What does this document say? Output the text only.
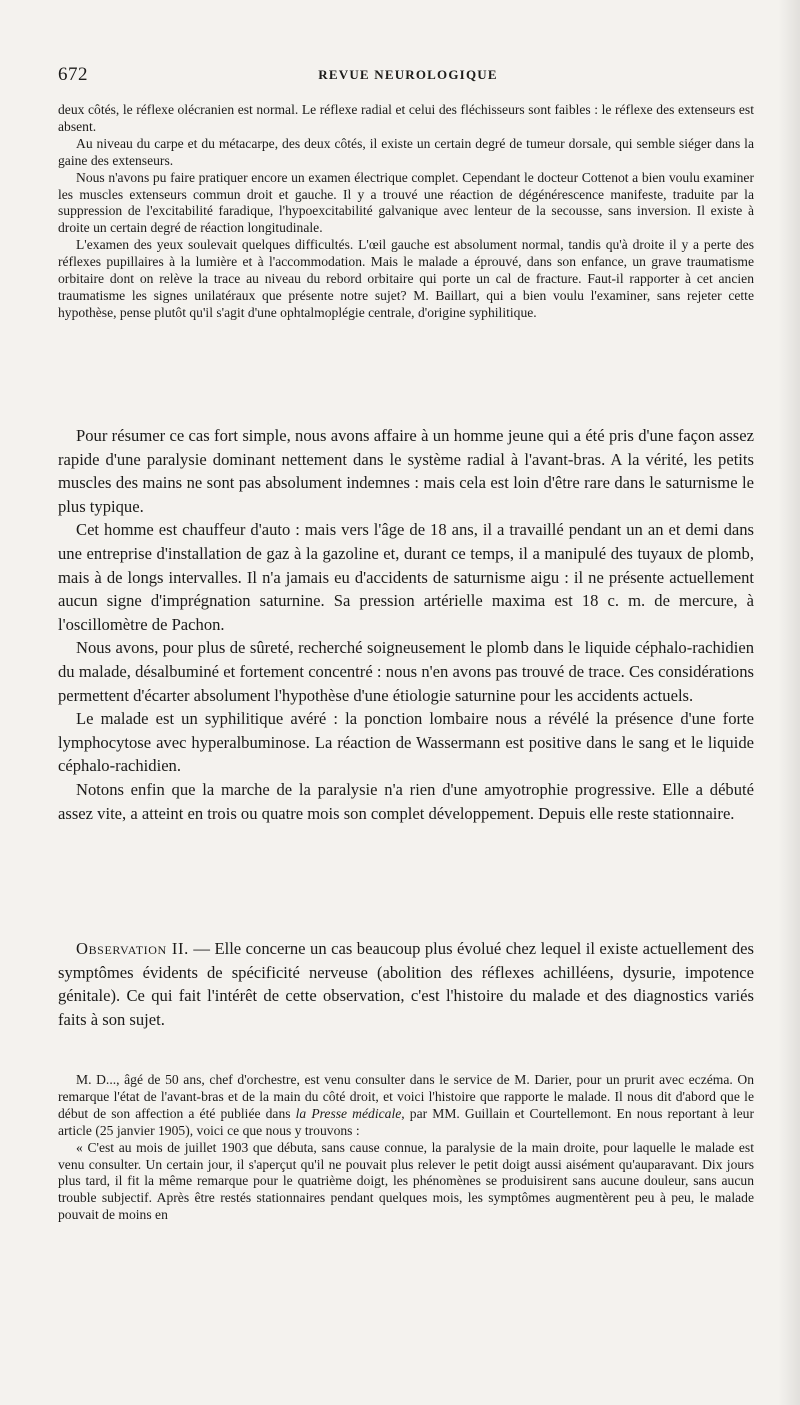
672	REVUE NEUROLOGIQUE

deux côtés, le réflexe olécranien est normal. Le réflexe radial et celui des fléchisseurs sont faibles : le réflexe des extenseurs est absent.

Au niveau du carpe et du métacarpe, des deux côtés, il existe un certain degré de tumeur dorsale, qui semble siéger dans la gaine des extenseurs.

Nous n'avons pu faire pratiquer encore un examen électrique complet. Cependant le docteur Cottenot a bien voulu examiner les muscles extenseurs commun droit et gauche. Il y a trouvé une réaction de dégénérescence manifeste, traduite par la suppression de l'excitabilité faradique, l'hypoexcitabilité galvanique avec lenteur de la secousse, sans inversion. Il existe à droite un certain degré de réaction longitudinale.

L'examen des yeux soulevait quelques difficultés. L'œil gauche est absolument normal, tandis qu'à droite il y a perte des réflexes pupillaires à la lumière et à l'accommodation. Mais le malade a éprouvé, dans son enfance, un grave traumatisme orbitaire dont on relève la trace au niveau du rebord orbitaire qui porte un cal de fracture. Faut-il rapporter à cet ancien traumatisme les signes unilatéraux que présente notre sujet? M. Baillart, qui a bien voulu l'examiner, sans rejeter cette hypothèse, pense plutôt qu'il s'agit d'une ophtalmoplégie centrale, d'origine syphilitique.

Pour résumer ce cas fort simple, nous avons affaire à un homme jeune qui a été pris d'une façon assez rapide d'une paralysie dominant nettement dans le système radial à l'avant-bras. A la vérité, les petits muscles des mains ne sont pas absolument indemnes : mais cela est loin d'être rare dans le saturnisme le plus typique.

Cet homme est chauffeur d'auto : mais vers l'âge de 18 ans, il a travaillé pendant un an et demi dans une entreprise d'installation de gaz à la gazoline et, durant ce temps, il a manipulé des tuyaux de plomb, mais à de longs intervalles. Il n'a jamais eu d'accidents de saturnisme aigu : il ne présente actuellement aucun signe d'imprégnation saturnine. Sa pression artérielle maxima est 18 c. m. de mercure, à l'oscillomètre de Pachon.

Nous avons, pour plus de sûreté, recherché soigneusement le plomb dans le liquide céphalo-rachidien du malade, désalbuminé et fortement concentré : nous n'en avons pas trouvé de trace. Ces considérations permettent d'écarter absolument l'hypothèse d'une étiologie saturnine pour les accidents actuels.

Le malade est un syphilitique avéré : la ponction lombaire nous a révélé la présence d'une forte lymphocytose avec hyperalbuminose. La réaction de Wassermann est positive dans le sang et le liquide céphalo-rachidien.

Notons enfin que la marche de la paralysie n'a rien d'une amyotrophie progressive. Elle a débuté assez vite, a atteint en trois ou quatre mois son complet développement. Depuis elle reste stationnaire.

Observation II. — Elle concerne un cas beaucoup plus évolué chez lequel il existe actuellement des symptômes évidents de spécificité nerveuse (abolition des réflexes achilléens, dysurie, impotence génitale). Ce qui fait l'intérêt de cette observation, c'est l'histoire du malade et des diagnostics variés faits à son sujet.

M. D..., âgé de 50 ans, chef d'orchestre, est venu consulter dans le service de M. Darier, pour un prurit avec eczéma. On remarque l'état de l'avant-bras et de la main du côté droit, et voici l'histoire que rapporte le malade. Il nous dit d'abord que le début de son affection a été publiée dans la Presse médicale, par MM. Guillain et Courtellemont. En nous reportant à leur article (25 janvier 1905), voici ce que nous y trouvons :

« C'est au mois de juillet 1903 que débuta, sans cause connue, la paralysie de la main droite, pour laquelle le malade est venu consulter. Un certain jour, il s'aperçut qu'il ne pouvait plus relever le petit doigt aussi aisément qu'auparavant. Dix jours plus tard, il fit la même remarque pour le quatrième doigt, les phénomènes se produisirent sans aucune douleur, sans aucun trouble subjectif. Après être restés stationnaires pendant quelques mois, les symptômes augmentèrent peu à peu, le malade pouvait de moins en
